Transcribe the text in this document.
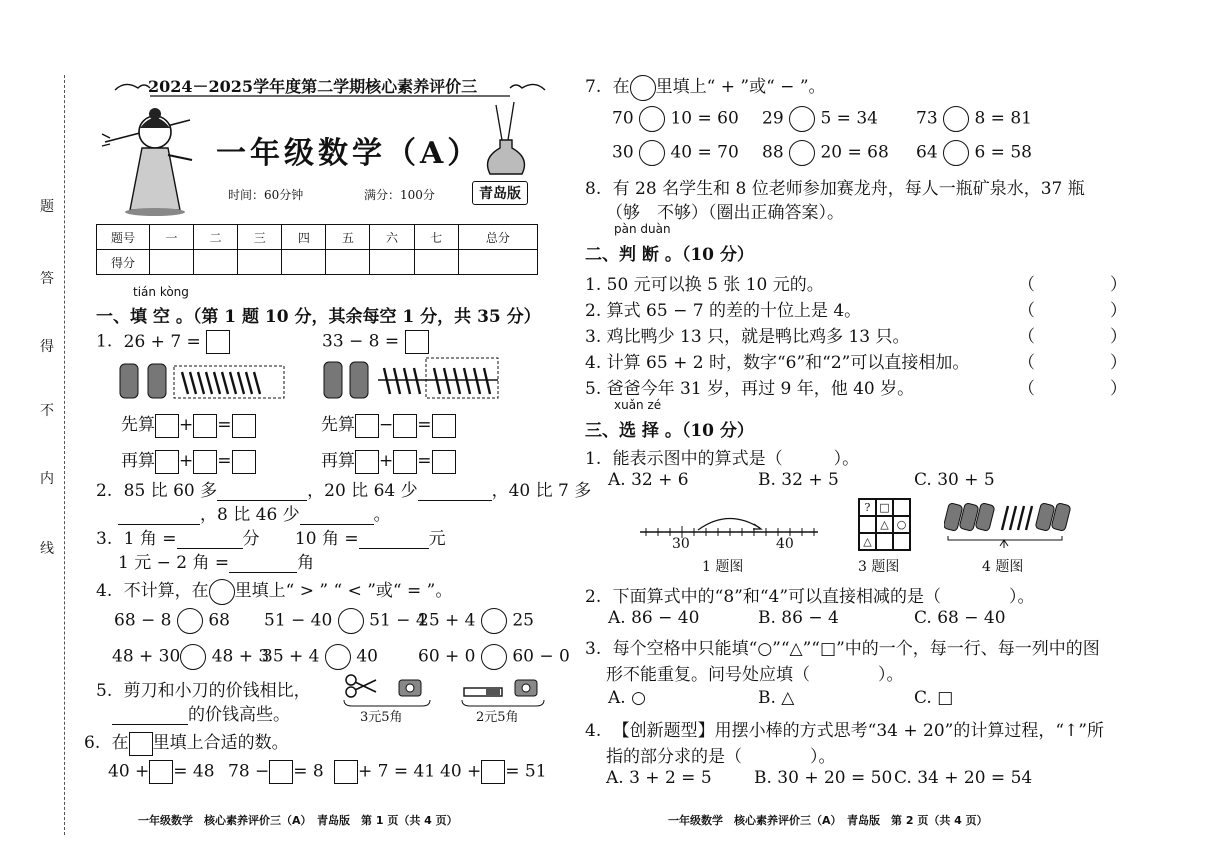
题
答
得
不
内
线
2024－2025学年度第二学期核心素养评价三
一年级数学（A）
时间：60分钟	满分：100分	青岛版
题号	一	二	三	四	五	六	七	总分
得分								
tián kòng
一、填 空 。（第 1 题 10 分，其余每空 1 分，共 35 分）
1. 26 + 7 =	33 − 8 =
先算 + =
再算 + =
先算 − =
再算 + =
2. 85 比 60 多	，20 比 64 少	，40 比 7 多
，8 比 46 少	。
3. 1 角 =	分 10 角 =	元
1 元 − 2 角 =	角
4. 不计算，在 里填上“ > ” “ < ”或“ = ”。
68 − 8 68 51 − 40 51 − 4
25 + 4 25
48 + 30 48 + 3
35 + 4 40 60 + 0 60 − 0
5. 剪刀和小刀的价钱相比，
的价钱高些。	3元5角	2元5角
6. 在 里填上合适的数。
40 + = 48 78 − = 8	+ 7 = 41 40 + = 51
一年级数学　核心素养评价三（A）　青岛版　第 1 页（共 4 页）
7. 在 里填上“ + ”或“ − ”。
70 10 = 60 29 5 = 34 73 8 = 81
30 40 = 70 88 20 = 68 64 6 = 58
8. 有 28 名学生和 8 位老师参加赛龙舟，每人一瓶矿泉水，37 瓶
（够　不够）（圈出正确答案）。
pàn duàn
二、判 断 。（10 分）
1. 50 元可以换 5 张 10 元的。
2. 算式 65 − 7 的差的十位上是 4。
3. 鸡比鸭少 13 只，就是鸭比鸡多 13 只。
4. 计算 65 + 2 时，数字“6”和“2”可以直接相加。
5. 爸爸今年 31 岁，再过 9 年，他 40 岁。
（	）
（	）
（	）
（	）
（	）
xuǎn zé
三、选 择 。（10 分）
1. 能表示图中的算式是（　　　）。
A. 32 + 6	B. 32 + 5	C. 30 + 5
30	40
1 题图
? □
△ ○
△
3 题图	4 题图
2. 下面算式中的“8”和“4”可以直接相减的是（　　　　）。
A. 86 − 40	B. 86 − 4	C. 68 − 40
3. 每个空格中只能填“○”“△”“□”中的一个，每一行、每一列中的图
形不能重复。问号处应填（　　　　）。
A. ○	B. △	C. □
4. 【创新题型】用摆小棒的方式思考“34 + 20”的计算过程，“↑”所
指的部分求的是（　　　　）。
A. 3 + 2 = 5 B. 30 + 20 = 50 C. 34 + 20 = 54
一年级数学　核心素养评价三（A）　青岛版　第 2 页（共 4 页）
